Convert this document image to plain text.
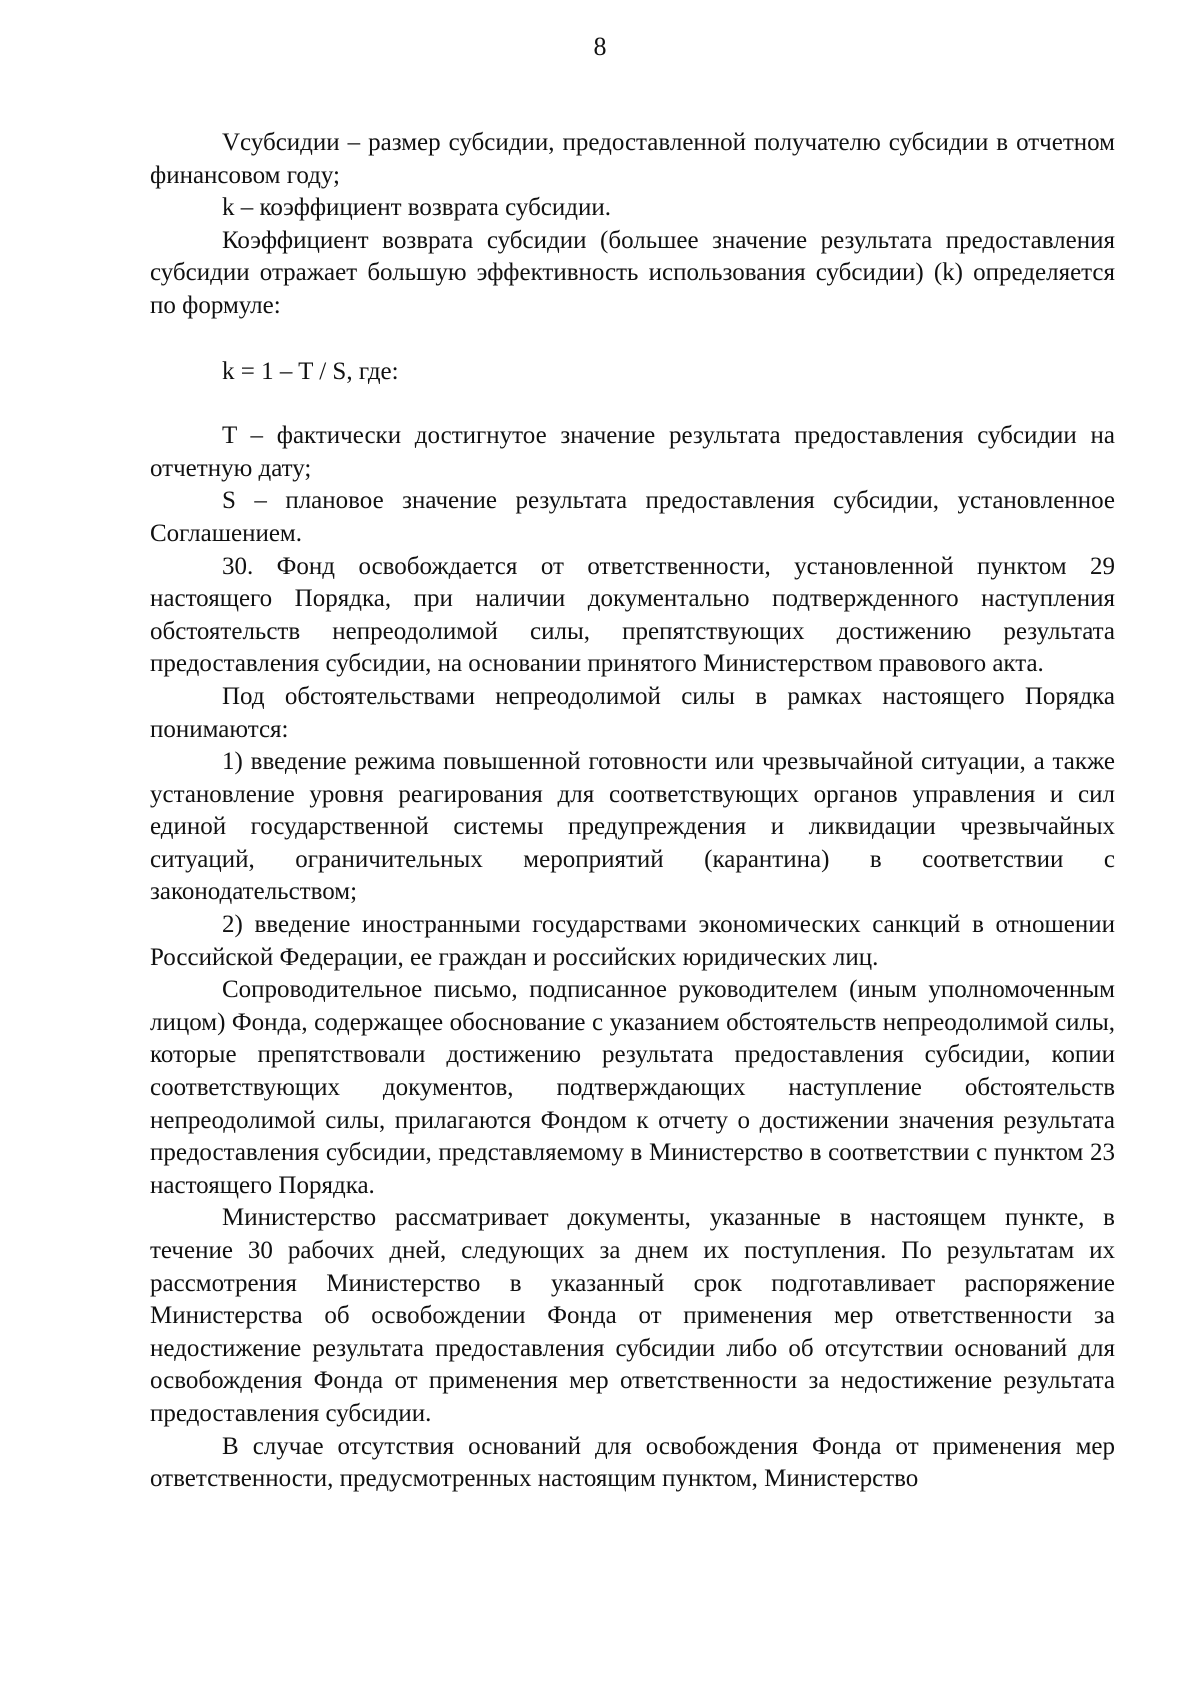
8

Vсубсидии – размер субсидии, предоставленной получателю субсидии в отчетном финансовом году;

k – коэффициент возврата субсидии.

Коэффициент возврата субсидии (большее значение результата предоставления субсидии отражает большую эффективность использования субсидии) (k) определяется по формуле:

k = 1 – T / S, где:

T – фактически достигнутое значение результата предоставления субсидии на отчетную дату;

S – плановое значение результата предоставления субсидии, установленное Соглашением.

30. Фонд освобождается от ответственности, установленной пунктом 29 настоящего Порядка, при наличии документально подтвержденного наступления обстоятельств непреодолимой силы, препятствующих достижению результата предоставления субсидии, на основании принятого Министерством правового акта.

Под обстоятельствами непреодолимой силы в рамках настоящего Порядка понимаются:

1) введение режима повышенной готовности или чрезвычайной ситуации, а также установление уровня реагирования для соответствующих органов управления и сил единой государственной системы предупреждения и ликвидации чрезвычайных ситуаций, ограничительных мероприятий (карантина) в соответствии с законодательством;

2) введение иностранными государствами экономических санкций в отношении Российской Федерации, ее граждан и российских юридических лиц.

Сопроводительное письмо, подписанное руководителем (иным уполномоченным лицом) Фонда, содержащее обоснование с указанием обстоятельств непреодолимой силы, которые препятствовали достижению результата предоставления субсидии, копии соответствующих документов, подтверждающих наступление обстоятельств непреодолимой силы, прилагаются Фондом к отчету о достижении значения результата предоставления субсидии, представляемому в Министерство в соответствии с пунктом 23 настоящего Порядка.

Министерство рассматривает документы, указанные в настоящем пункте, в течение 30 рабочих дней, следующих за днем их поступления. По результатам их рассмотрения Министерство в указанный срок подготавливает распоряжение Министерства об освобождении Фонда от применения мер ответственности за недостижение результата предоставления субсидии либо об отсутствии оснований для освобождения Фонда от применения мер ответственности за недостижение результата предоставления субсидии.

В случае отсутствия оснований для освобождения Фонда от применения мер ответственности, предусмотренных настоящим пунктом, Министерство
